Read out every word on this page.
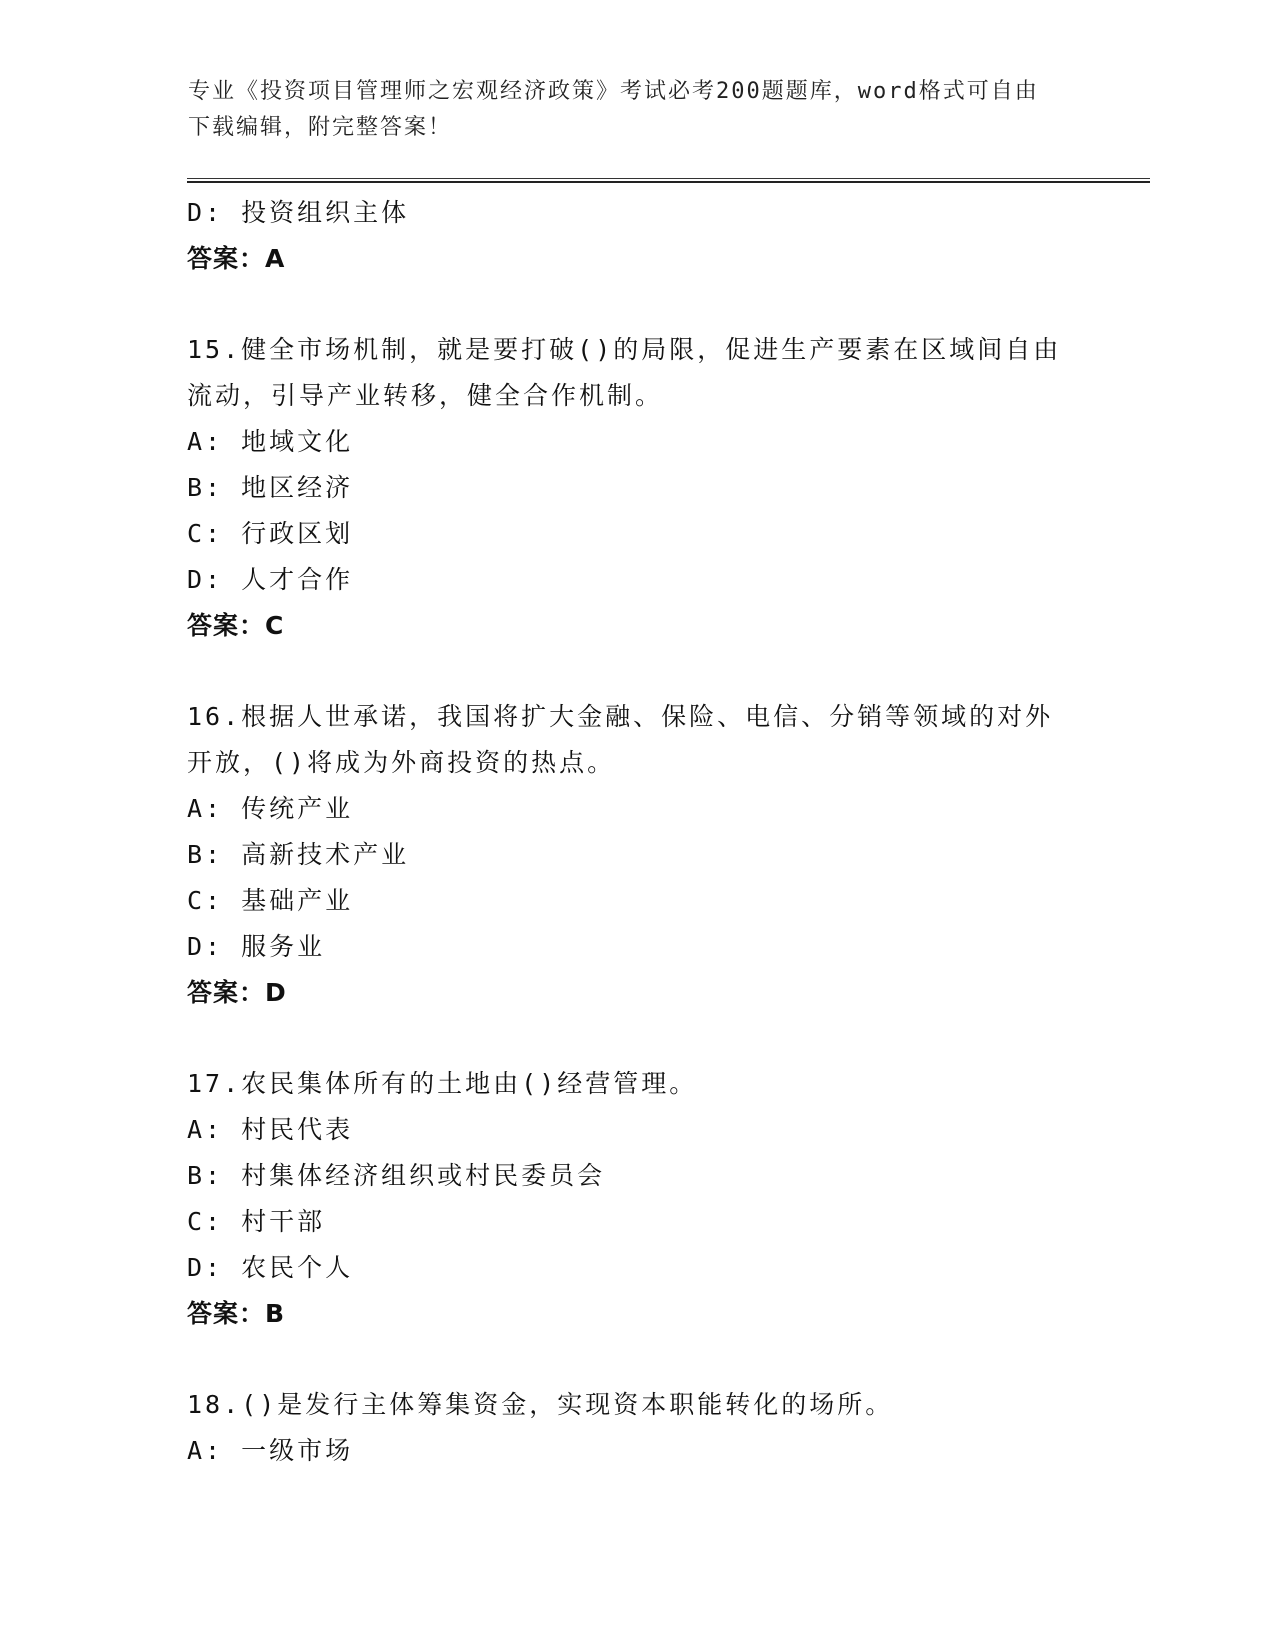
专业《投资项目管理师之宏观经济政策》考试必考200题题库，word格式可自由
下载编辑，附完整答案！
D: 投资组织主体
答案：A
15.健全市场机制，就是要打破()的局限，促进生产要素在区域间自由
流动，引导产业转移，健全合作机制。
A: 地域文化
B: 地区经济
C: 行政区划
D: 人才合作
答案：C
16.根据人世承诺，我国将扩大金融、保险、电信、分销等领域的对外
开放，()将成为外商投资的热点。
A: 传统产业
B: 高新技术产业
C: 基础产业
D: 服务业
答案：D
17.农民集体所有的土地由()经营管理。
A: 村民代表
B: 村集体经济组织或村民委员会
C: 村干部
D: 农民个人
答案：B
18.()是发行主体筹集资金，实现资本职能转化的场所。
A: 一级市场
